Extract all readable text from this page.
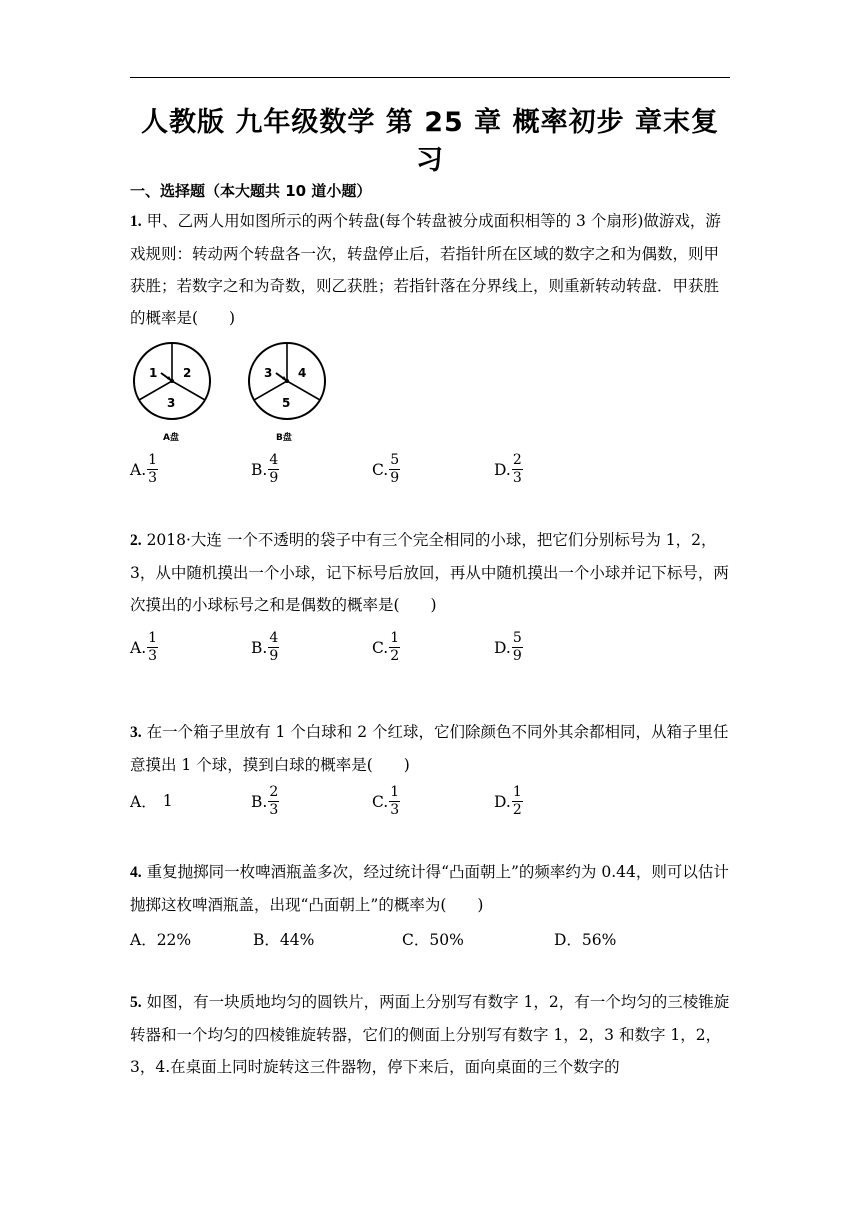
人教版 九年级数学 第 25 章 概率初步 章末复
习
一、选择题（本大题共 10 道小题）
1. 甲、乙两人用如图所示的两个转盘(每个转盘被分成面积相等的 3 个扇形)做游戏，游戏规则：转动两个转盘各一次，转盘停止后，若指针所在区域的数字之和为偶数，则甲获胜；若数字之和为奇数，则乙获胜；若指针落在分界线上，则重新转动转盘．甲获胜的概率是(　　)
1 2
3
A盘
3 4
5
B盘
A. $\frac{1}{3}$	B. $\frac{4}{9}$	C. $\frac{5}{9}$	D. $\frac{2}{3}$
2. 2018·大连 一个不透明的袋子中有三个完全相同的小球，把它们分别标号为 1，2，3，从中随机摸出一个小球，记下标号后放回，再从中随机摸出一个小球并记下标号，两次摸出的小球标号之和是偶数的概率是(　　)
A. $\frac{1}{3}$	B. $\frac{4}{9}$	C. $\frac{1}{2}$	D. $\frac{5}{9}$
3. 在一个箱子里放有 1 个白球和 2 个红球，它们除颜色不同外其余都相同，从箱子里任意摸出 1 个球，摸到白球的概率是(　　)
A． 1	B. $\frac{2}{3}$	C. $\frac{1}{3}$	D. $\frac{1}{2}$
4. 重复抛掷同一枚啤酒瓶盖多次，经过统计得“凸面朝上”的频率约为 0.44，则可以估计抛掷这枚啤酒瓶盖，出现“凸面朝上”的概率为(　　)
A．22%	B．44%	C．50%	D．56%
5. 如图，有一块质地均匀的圆铁片，两面上分别写有数字 1，2，有一个均匀的三棱锥旋转器和一个均匀的四棱锥旋转器，它们的侧面上分别写有数字 1，2，3 和数字 1，2，3，4.在桌面上同时旋转这三件器物，停下来后，面向桌面的三个数字的
